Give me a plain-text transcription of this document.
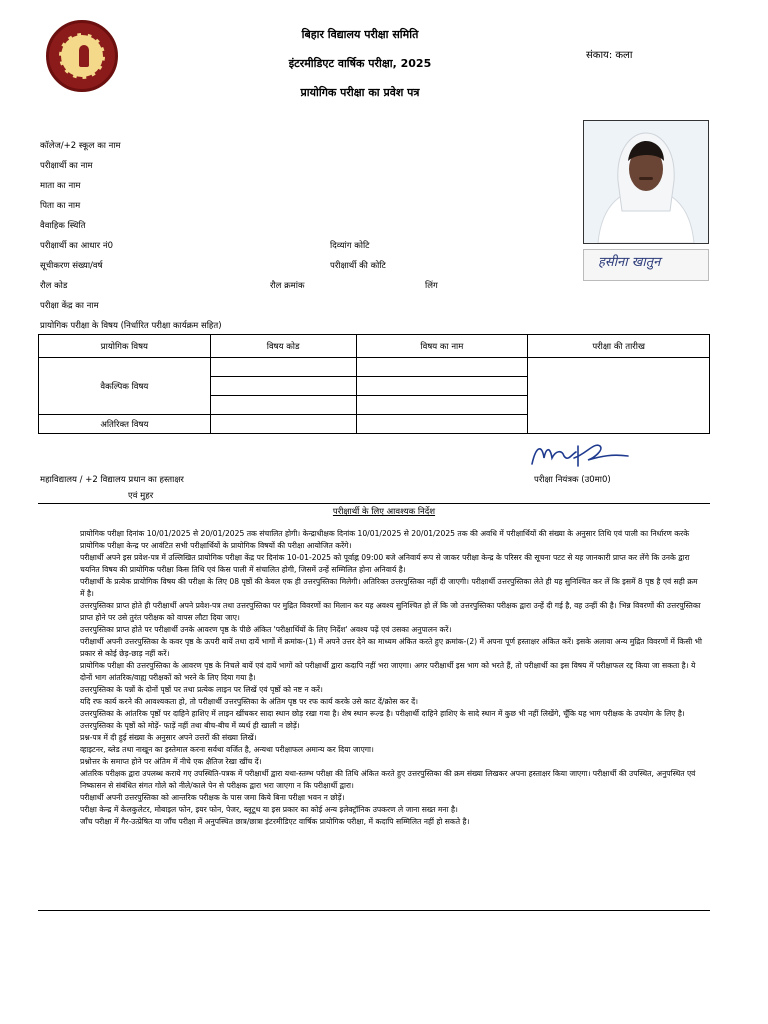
बिहार विद्यालय परीक्षा समिति
इंटरमीडिएट वार्षिक परीक्षा, 2025
प्रायोगिक परीक्षा का प्रवेश पत्र
संकाय: कला
हसीना खातुन
कॉलेज/+2 स्कूल का नाम
परीक्षार्थी का नाम
माता का नाम
पिता का नाम
वैवाहिक स्थिति
परीक्षार्थी का आधार नं0	दिव्यांग कोटि
सूचीकरण संख्या/वर्ष	परीक्षार्थी की कोटि
रौल कोड	रौल क्रमांक	लिंग
परीक्षा केंद्र का नाम
प्रायोगिक परीक्षा के विषय (निर्धारित परीक्षा कार्यक्रम सहित)
प्रायोगिक विषय	विषय कोड	विषय का नाम	परीक्षा की तारीख
वैकल्पिक विषय			

अतिरिक्त विषय			
महाविद्यालय / +2 विद्यालय प्रधान का हस्ताक्षर
एवं मुहर
परीक्षा नियंत्रक (उ0मा0)
परीक्षार्थी के लिए आवश्यक निर्देश

प्रायोगिक परीक्षा दिनांक 10/01/2025 से 20/01/2025 तक संचालित होगी। केन्द्राधीक्षक दिनांक 10/01/2025 से 20/01/2025 तक की अवधि में परीक्षार्थियों की संख्या के अनुसार तिथि एवं पाली का निर्धारण करके प्रायोगिक परीक्षा केन्द्र पर आवंटित सभी परीक्षार्थियों के प्रायोगिक विषयों की परीक्षा आयोजित करेंगे।

परीक्षार्थी अपने इस प्रवेश-पत्र में उल्लिखित प्रायोगिक परीक्षा केंद्र पर दिनांक 10-01-2025 को पूर्वाह्न 09:00 बजे अनिवार्य रूप से जाकर परीक्षा केन्द्र के परिसर की सूचना पटट से यह जानकारी प्राप्त कर लेंगे कि उनके द्वारा चयनित विषय की प्रायोगिक परीक्षा किस तिथि एवं किस पाली में संचालित होगी, जिसमें उन्हें सम्मिलित होना अनिवार्य है।

परीक्षार्थी के प्रत्येक प्रायोगिक विषय की परीक्षा के लिए 08 पृष्ठों की केवल एक ही उत्तरपुस्तिका मिलेगी। अतिरिक्त उत्तरपुस्तिका नहीं दी जाएगी। परीक्षार्थी उत्तरपुस्तिका लेते ही यह सुनिश्चित कर लें कि इसमें 8 पृष्ठ है एवं सही क्रम में है।

उत्तरपुस्तिका प्राप्त होते ही परीक्षार्थी अपने प्रवेश-पत्र तथा उत्तरपुस्तिका पर मुद्रित विवरणों का मिलान कर यह अवश्य सुनिश्चित हो लें कि जो उत्तरपुस्तिका परीक्षक द्वारा उन्हें दी गई है, वह उन्हीं की है। भिन्न विवरणों की उत्तरपुस्तिका प्राप्त होने पर उसे तुरंत परीक्षक को वापस लौटा दिया जाए।

उत्तरपुस्तिका प्राप्त होते पर परीक्षार्थी उनके आवरण पृष्ठ के पीछे अंकित 'परीक्षार्थियों के लिए निर्देश' अवश्य पढ़ें एवं उसका अनुपालन करें।

परीक्षार्थी अपनी उत्तरपुस्तिका के कवर पृष्ठ के ऊपरी बायें तथा दायें भागों में क्रमांक-(1) में अपने उत्तर देने का माध्यम अंकित करते हुए क्रमांक-(2) में अपना पूर्ण हस्ताक्षर अंकित करें। इसके अलावा अन्य मुद्रित विवरणों में किसी भी प्रकार से कोई छेड़-छाड़ नहीं करें।

प्रायोगिक परीक्षा की उत्तरपुस्तिका के आवरण पृष्ठ के निचले बायें एवं दायें भागों को परीक्षार्थी द्वारा कदापि नहीं भरा जाएगा। अगर परीक्षार्थी इस भाग को भरते हैं, तो परीक्षार्थी का इस विषय में परीक्षाफल रद्द किया जा सकता है। ये दोनों भाग आंतरिक/वाह्य परीक्षकों को भरने के लिए दिया गया है।

उत्तरपुस्तिका के पन्नों के दोनों पृष्ठों पर तथा प्रत्येक लाइन पर लिखें एवं पृष्ठों को नष्ट न करें।

यदि रफ कार्य करने की आवश्यकता हो, तो परीक्षार्थी उत्तरपुस्तिका के अंतिम पृष्ठ पर रफ कार्य करके उसे काट दें/क्रोस कर दें।

उत्तरपुस्तिका के आंतरिक पृष्ठों पर दाहिने हाशिए में लाइन खींचकर सादा स्थान छोड़ रखा गया है। शेष स्थान रूल्ड है। परीक्षार्थी दाहिने हाशिए के सादे स्थान में कुछ भी नहीं लिखेंगे, चूँकि यह भाग परीक्षक के उपयोग के लिए है।

उत्तरपुस्तिका के पृष्ठों को मोड़ें- फाड़ें नहीं तथा बीच-बीच में व्यर्थ ही खाली न छोड़ें।

प्रश्न-पत्र में दी हुई संख्या के अनुसार अपने उत्तरों की संख्या लिखें।

व्हाइटनर, ब्लेड तथा नाखून का इस्तेमाल करना सर्वथा वर्जित है, अन्यथा परीक्षाफल अमान्य कर दिया जाएगा।

प्रश्नोत्तर के समाप्त होने पर अंतिम में नीचे एक क्षैतिज रेखा खींच दें।

आंतरिक परीक्षक द्वारा उपलब्ध कराये गए उपस्थिति-पत्रक में परीक्षार्थी द्वारा यथा-स्तम्भ परीक्षा की तिथि अंकित करते हुए उत्तरपुस्तिका की क्रम संख्या लिखकर अपना हस्ताक्षर किया जाएगा। परीक्षार्थी की उपस्थित, अनुपस्थित एवं निष्कासन से संबंधित संगत गोले को नीले/काले पेन से परीक्षक द्वारा भरा जाएगा न कि परीक्षार्थी द्वारा।

परीक्षार्थी अपनी उत्तरपुस्तिका को आन्तरिक परीक्षक के पास जमा किये बिना परीक्षा भवन न छोड़ें।

परीक्षा केन्द्र में केलकुलेटर, मोबाइल फोन, इयर फोन, पेजर, ब्लूटूथ या इस प्रकार का कोई अन्य इलेक्ट्रॉनिक उपकरण ले जाना सख्त मना है।

जाँच परीक्षा में गैर-उत्प्रेषित या जाँच परीक्षा में अनुपस्थित छात्र/छात्रा इंटरमीडिएट वार्षिक प्रायोगिक परीक्षा, में कदापि सम्मिलित नहीं हो सकते है।
